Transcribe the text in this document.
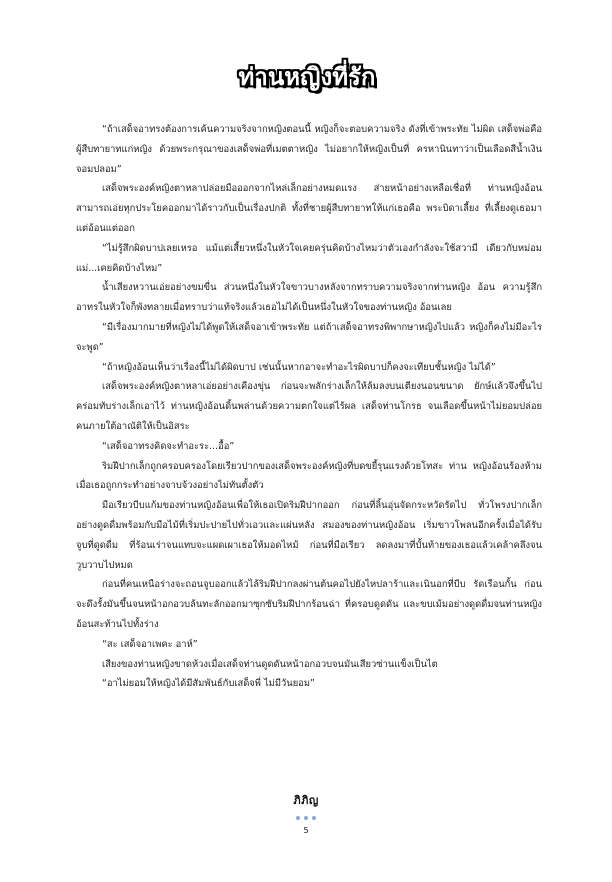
ท่านหญิงที่รัก

“ถ้าเสด็จอาทรงต้องการเค้นความจริงจากหญิงตอนนี้ หญิงก็จะตอบความจริง ดังที่เข้าพระทัย ไม่ผิด เสด็จพ่อคือผู้สืบทายาทแก่หญิง ด้วยพระกรุณาของเสด็จพ่อที่เมตตาหญิง ไม่อยากให้หญิงเป็นที่ ครหานินทาว่าเป็นเลือดสีน้ำเงินจอมปลอม”

เสด็จพระองค์หญิงตาหลาปล่อยมือออกจากไหล่เล็กอย่างหมดแรง ส่ายหน้าอย่างเหลือเชื่อที่ ท่านหญิงอ้อนสามารถเอ่ยทุกประโยคออกมาได้ราวกับเป็นเรื่องปกติ ทั้งที่ชายผู้สืบทายาทให้แก่เธอคือ พระบิดาเลี้ยง ที่เลี้ยงดูเธอมาแต่อ้อนแต่ออก

“ไม่รู้สึกผิดบาปเลยเหรอ แม้แต่เสี้ยวหนึ่งในหัวใจเคยครุ่นคิดบ้างไหมว่าตัวเองกำลังจะใช้สวามี เดียวกับหม่อมแม่...เคยคิดบ้างไหม”

น้ำเสียงหวานเอ่ยอย่างขมขื่น ส่วนหนึ่งในหัวใจขาวบางหลังจากทราบความจริงจากท่านหญิง อ้อน ความรู้สึกอาทรในหัวใจก็พังทลายเมื่อทราบว่าแท้จริงแล้วเธอไม่ได้เป็นหนึ่งในหัวใจของท่านหญิง อ้อนเลย

“มีเรื่องมากมายที่หญิงไม่ได้พูดให้เสด็จอาเข้าพระทัย แต่ถ้าเสด็จอาทรงพิพากษาหญิงไปแล้ว หญิงก็คงไม่มีอะไรจะพูด”

“ถ้าหญิงอ้อนเห็นว่าเรื่องนี้ไม่ได้ผิดบาป เช่นนั้นหากอาจะทำอะไรผิดบาปก็คงจะเทียบชั้นหญิง ไม่ได้”

เสด็จพระองค์หญิงตาหลาเอ่ยอย่างเคืองขุ่น ก่อนจะพลักร่างเล็กให้ล้มลงบนเตียงนอนขนาด ยักษ์แล้วจึงขึ้นไปคร่อมทับร่างเล็กเอาไว้ ท่านหญิงอ้อนดิ้นพล่านด้วยความตกใจแต่ไร้ผล เสด็จท่านโกรธ จนเลือดขึ้นหน้าไม่ยอมปล่อยคนภายใต้อาณัติให้เป็นอิสระ

“เสด็จอาทรงคิดจะทำอะระ...อื้อ”

ริมฝีปากเล็กถูกครอบครองโดยเรียวปากของเสด็จพระองค์หญิงที่บดขยี้รุนแรงด้วยโทสะ ท่าน หญิงอ้อนร้องห้ามเมื่อเธอถูกกระทำอย่างจาบจ้วงอย่างไม่ทันตั้งตัว

มือเรียวบีบแก้มของท่านหญิงอ้อนเพื่อให้เธอเปิดริมฝีปากออก ก่อนที่ลิ้นอุ่นจัดกระหวัดรัดไป ทั่วโพรงปากเล็กอย่างดูดดื่มพร้อมกับมือไม้ที่เริ่มปะปายไปทั่วเอวและแผ่นหลัง สมองของท่านหญิงอ้อน เริ่มขาวโพลนอีกครั้งเมื่อได้รับจูบที่ดูดดื่ม ที่ร้อนเร่าจนแทบจะแผดเผาเธอให้มอดไหม้ ก่อนที่มือเรียว ลดลงมาที่บั้นท้ายของเธอแล้วเคล้าคลึงจนวูบวาบไปหมด

ก่อนที่คนเหนือร่างจะถอนจูบออกแล้วไล้ริมฝีปากลงผ่านต้นคอไปยังไหปลาร้าและเนินอกที่บีบ รัดเรือนกั้น ก่อนจะดึงรั้งมันขึ้นจนหน้าอกอวบล้นทะลักออกมาซุกซับริมฝีปากร้อนฉ่า ที่ครอบดูดดัน และขบเม้มอย่างดูดดื่มจนท่านหญิงอ้อนสะท้านไปทั้งร่าง

“สะ เสด็จอาเพคะ อาห์”

เสียงของท่านหญิงขาดห้วงเมื่อเสด็จท่านดูดดันหน้าอกอวบจนมันเสียวซ่านแข็งเป็นไต

“อาไม่ยอมให้หญิงได้มีสัมพันธ์กับเสด็จพี่ ไม่มีวันยอม”

ภิภิญ
5
